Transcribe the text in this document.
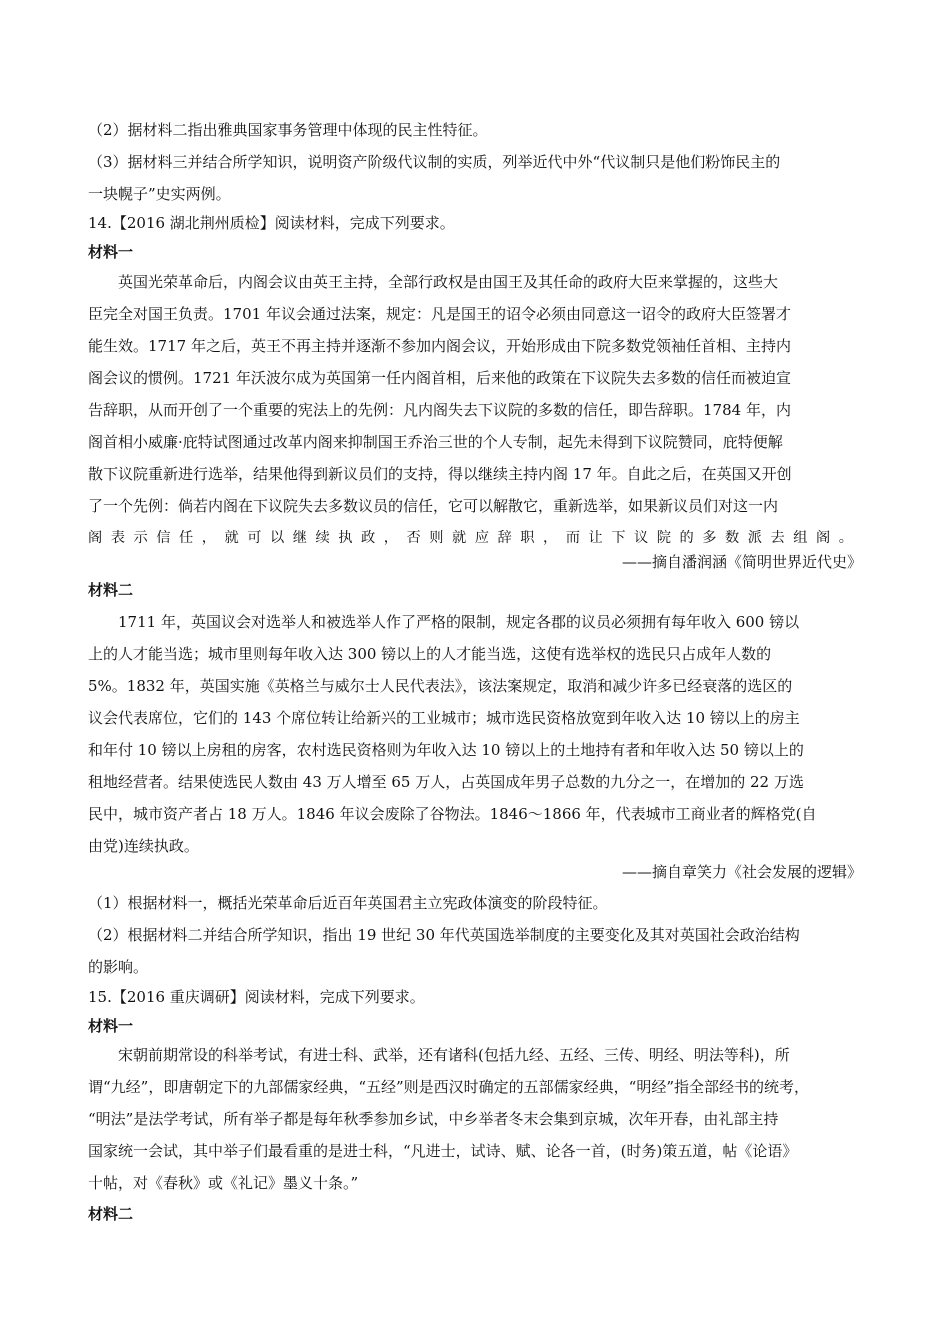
（2）据材料二指出雅典国家事务管理中体现的民主性特征。
（3）据材料三并结合所学知识，说明资产阶级代议制的实质，列举近代中外“代议制只是他们粉饰民主的
一块幌子”史实两例。
14.【2016 湖北荆州质检】阅读材料，完成下列要求。
材料一
英国光荣革命后，内阁会议由英王主持，全部行政权是由国王及其任命的政府大臣来掌握的，这些大
臣完全对国王负责。1701 年议会通过法案，规定：凡是国王的诏令必须由同意这一诏令的政府大臣签署才
能生效。1717 年之后，英王不再主持并逐渐不参加内阁会议，开始形成由下院多数党领袖任首相、主持内
阁会议的惯例。1721 年沃波尔成为英国第一任内阁首相，后来他的政策在下议院失去多数的信任而被迫宣
告辞职，从而开创了一个重要的宪法上的先例：凡内阁失去下议院的多数的信任，即告辞职。1784 年，内
阁首相小威廉·庇特试图通过改革内阁来抑制国王乔治三世的个人专制，起先未得到下议院赞同，庇特便解
散下议院重新进行选举，结果他得到新议员们的支持，得以继续主持内阁 17 年。自此之后，在英国又开创
了一个先例：倘若内阁在下议院失去多数议员的信任，它可以解散它，重新选举，如果新议员们对这一内
阁表示信任，就可以继续执政，否则就应辞职，而让下议院的多数派去组阁。
——摘自潘润涵《简明世界近代史》
材料二
1711 年，英国议会对选举人和被选举人作了严格的限制，规定各郡的议员必须拥有每年收入 600 镑以
上的人才能当选；城市里则每年收入达 300 镑以上的人才能当选，这使有选举权的选民只占成年人数的
5%。1832 年，英国实施《英格兰与威尔士人民代表法》，该法案规定，取消和减少许多已经衰落的选区的
议会代表席位，它们的 143 个席位转让给新兴的工业城市；城市选民资格放宽到年收入达 10 镑以上的房主
和年付 10 镑以上房租的房客，农村选民资格则为年收入达 10 镑以上的土地持有者和年收入达 50 镑以上的
租地经营者。结果使选民人数由 43 万人增至 65 万人，占英国成年男子总数的九分之一，在增加的 22 万选
民中，城市资产者占 18 万人。1846 年议会废除了谷物法。1846～1866 年，代表城市工商业者的辉格党(自
由党)连续执政。
——摘自章笑力《社会发展的逻辑》
（1）根据材料一，概括光荣革命后近百年英国君主立宪政体演变的阶段特征。
（2）根据材料二并结合所学知识，指出 19 世纪 30 年代英国选举制度的主要变化及其对英国社会政治结构
的影响。
15.【2016 重庆调研】阅读材料，完成下列要求。
材料一
宋朝前期常设的科举考试，有进士科、武举，还有诸科(包括九经、五经、三传、明经、明法等科)，所
谓“九经”，即唐朝定下的九部儒家经典，“五经”则是西汉时确定的五部儒家经典，“明经”指全部经书的统考，
“明法”是法学考试，所有举子都是每年秋季参加乡试，中乡举者冬末会集到京城，次年开春，由礼部主持
国家统一会试，其中举子们最看重的是进士科，“凡进士，试诗、赋、论各一首，(时务)策五道，帖《论语》
十帖，对《春秋》或《礼记》墨义十条。”
材料二
